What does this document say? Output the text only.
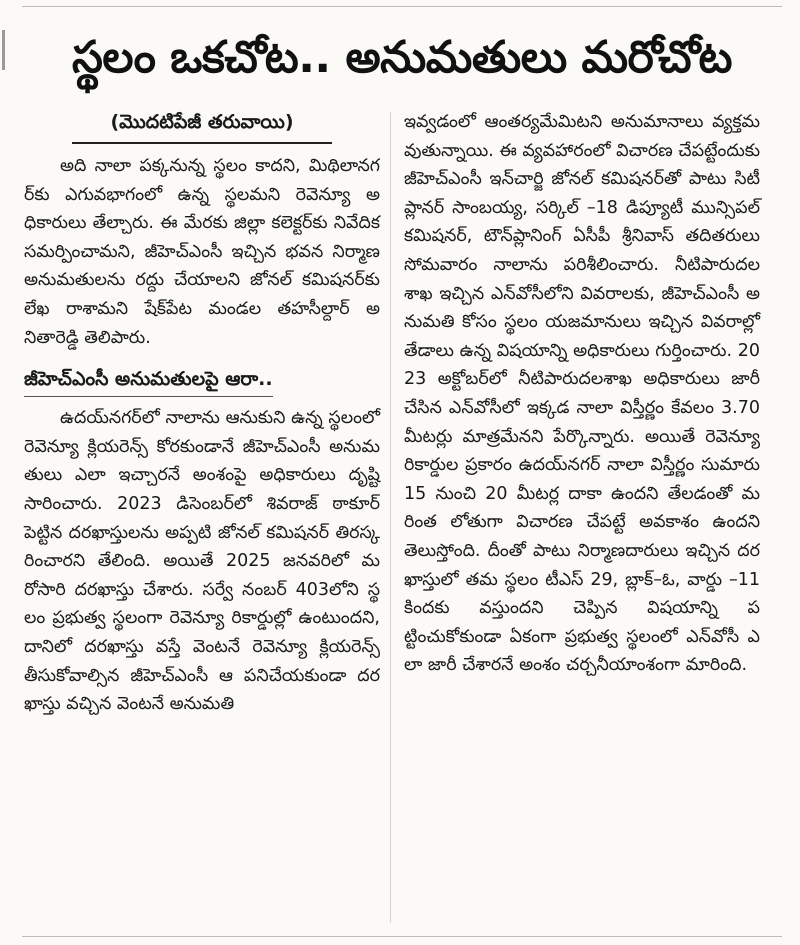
స్థలం ఒకచోట.. అనుమతులు మరోచోట
(మొదటిపేజీ తరువాయి)

అది నాలా పక్కనున్న స్థలం కాదని, మిథిలానగర్‌కు ఎగువభాగంలో ఉన్న స్థలమని రెవెన్యూ అధికారులు తేల్చారు. ఈ మేరకు జిల్లా కలెక్టర్‌కు నివేదిక సమర్పించామని, జీహెచ్‌ఎంసీ ఇచ్చిన భవన నిర్మాణ అనుమతులను రద్దు చేయాలని జోనల్‌ కమిషనర్‌కు లేఖ రాశామని షేక్‌పేట మండల తహసీల్దార్‌ అనితారెడ్డి తెలిపారు.

జీహెచ్‌ఎంసీ అనుమతులపై ఆరా..

ఉదయ్‌నగర్‌లో నాలాను ఆనుకుని ఉన్న స్థలంలో రెవెన్యూ క్లియరెన్స్‌ కోరకుండానే జీహెచ్‌ఎంసీ అనుమతులు ఎలా ఇచ్చారనే అంశంపై అధికారులు దృష్టి సారించారు. 2023 డిసెంబర్‌లో శివరాజ్‌ ఠాకూర్‌ పెట్టిన దరఖాస్తులను అప్పటి జోనల్‌ కమిషనర్‌ తిరస్కరించారని తేలింది. అయితే 2025 జనవరిలో మరోసారి దరఖాస్తు చేశారు. సర్వే నంబర్‌ 403లోని స్థలం ప్రభుత్వ స్థలంగా రెవెన్యూ రికార్డుల్లో ఉంటుందని, దానిలో దరఖాస్తు వస్తే వెంటనే రెవెన్యూ క్లియరెన్స్‌ తీసుకోవాల్సిన జీహెచ్‌ఎంసీ ఆ పనిచేయకుండా దరఖాస్తు వచ్చిన వెంటనే అనుమతి

ఇవ్వడంలో ఆంతర్యమేమిటని అనుమానాలు వ్యక్తమవుతున్నాయి. ఈ వ్యవహారంలో విచారణ చేపట్టేందుకు జీహెచ్‌ఎంసీ ఇన్‌చార్జి జోనల్‌ కమిషనర్‌తో పాటు సిటీ ప్లానర్‌ సాంబయ్య, సర్కిల్‌ –18 డిప్యూటీ మున్సిపల్‌ కమిషనర్‌, టౌన్‌ప్లానింగ్‌ ఏసీపీ శ్రీనివాస్‌ తదితరులు సోమవారం నాలాను పరిశీలించారు. నీటిపారుదల శాఖ ఇచ్చిన ఎన్‌వోసీలోని వివరాలకు, జీహెచ్‌ఎంసీ అనుమతి కోసం స్థలం యజమానులు ఇచ్చిన వివరాల్లో తేడాలు ఉన్న విషయాన్ని అధికారులు గుర్తించారు. 2023 అక్టోబర్‌లో నీటిపారుదలశాఖ అధికారులు జారీ చేసిన ఎన్‌వోసీలో ఇక్కడ నాలా విస్తీర్ణం కేవలం 3.70 మీటర్లు మాత్రమేనని పేర్కొన్నారు. అయితే రెవెన్యూ రికార్డుల ప్రకారం ఉదయ్‌నగర్‌ నాలా విస్తీర్ణం సుమారు 15 నుంచి 20 మీటర్ల దాకా ఉందని తేలడంతో మరింత లోతుగా విచారణ చేపట్టే అవకాశం ఉందని తెలుస్తోంది. దీంతో పాటు నిర్మాణదారులు ఇచ్చిన దరఖాస్తులో తమ స్థలం టీఎస్‌ 29, బ్లాక్‌–ఓ, వార్డు –11 కిందకు వస్తుందని చెప్పిన విషయాన్ని పట్టించుకోకుండా ఏకంగా ప్రభుత్వ స్థలంలో ఎన్‌వోసీ ఎలా జారీ చేశారనే అంశం చర్చనీయాంశంగా మారింది.
